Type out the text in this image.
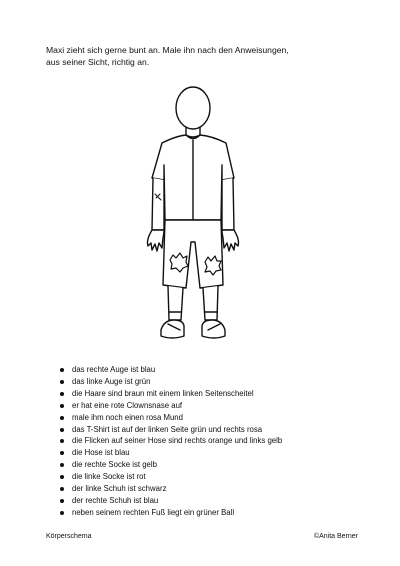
Maxi zieht sich gerne bunt an. Male ihn nach den Anweisungen,
aus seiner Sicht, richtig an.

das rechte Auge ist blau
das linke Auge ist grün
die Haare sind braun mit einem linken Seitenscheitel
er hat eine rote Clownsnase auf
male ihm noch einen rosa Mund
das T-Shirt ist auf der linken Seite grün und rechts rosa
die Flicken auf seiner Hose sind rechts orange und links gelb
die Hose ist blau
die rechte Socke ist gelb
die linke Socke ist rot
der linke Schuh ist schwarz
der rechte Schuh ist blau
neben seinem rechten Fuß liegt ein grüner Ball
Körperschema	©Anita Berner
